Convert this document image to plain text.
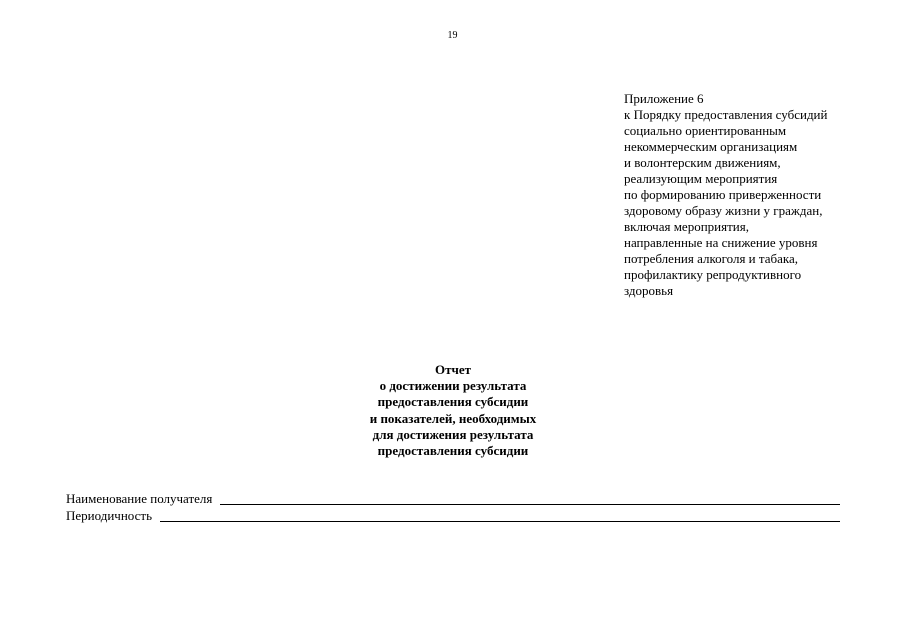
19
Приложение 6
к Порядку предоставления субсидий
социально ориентированным
некоммерческим организациям
и волонтерским движениям,
реализующим мероприятия
по формированию приверженности
здоровому образу жизни у граждан,
включая мероприятия,
направленные на снижение уровня
потребления алкоголя и табака,
профилактику репродуктивного
здоровья
Отчет
о достижении результата
предоставления субсидии
и показателей, необходимых
для достижения результата
предоставления субсидии
Наименование получателя
Периодичность
